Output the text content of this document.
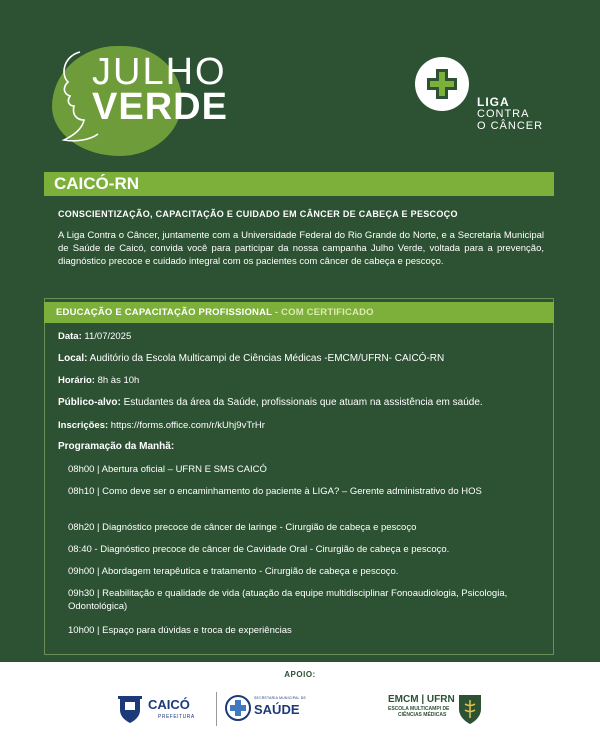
JULHO
VERDE	LIGA
CONTRA
O CÂNCER
CAICÓ-RN
CONSCIENTIZAÇÃO, CAPACITAÇÃO E CUIDADO EM CÂNCER DE CABEÇA E PESCOÇO
A Liga Contra o Câncer, juntamente com a Universidade Federal do Rio Grande do Norte, e a Secretaria Municipal de Saúde de Caicó, convida você para participar da nossa campanha Julho Verde, voltada para a prevenção, diagnóstico precoce e cuidado integral com os pacientes com câncer de cabeça e pescoço.
EDUCAÇÃO E CAPACITAÇÃO PROFISSIONAL - COM CERTIFICADO
Data: 11/07/2025
Local: Auditório da Escola Multicampi de Ciências Médicas -EMCM/UFRN- CAICÓ-RN
Horário: 8h às 10h
Público-alvo: Estudantes da área da Saúde, profissionais que atuam na assistência em saúde.
Inscrições: https://forms.office.com/r/kUhj9vTrHr
Programação da Manhã:
08h00 | Abertura oficial – UFRN E SMS CAICÓ
08h10 | Como deve ser o encaminhamento do paciente à LIGA? – Gerente administrativo do HOS
08h20 | Diagnóstico precoce de câncer de laringe - Cirurgião de cabeça e pescoço
08:40 - Diagnóstico precoce de câncer de Cavidade Oral - Cirurgião de cabeça e pescoço.
09h00 | Abordagem terapêutica e tratamento - Cirurgião de cabeça e pescoço.
09h30 | Reabilitação e qualidade de vida (atuação da equipe multidisciplinar Fonoaudiologia, Psicologia, Odontológica)
10h00 | Espaço para dúvidas e troca de experiências
APOIO:
CAICÓ
PREFEITURA
SECRETARIA MUNICIPAL DE
SAÚDE
EMCM | UFRN
ESCOLA MULTICAMPI DE
CIÊNCIAS MÉDICAS
